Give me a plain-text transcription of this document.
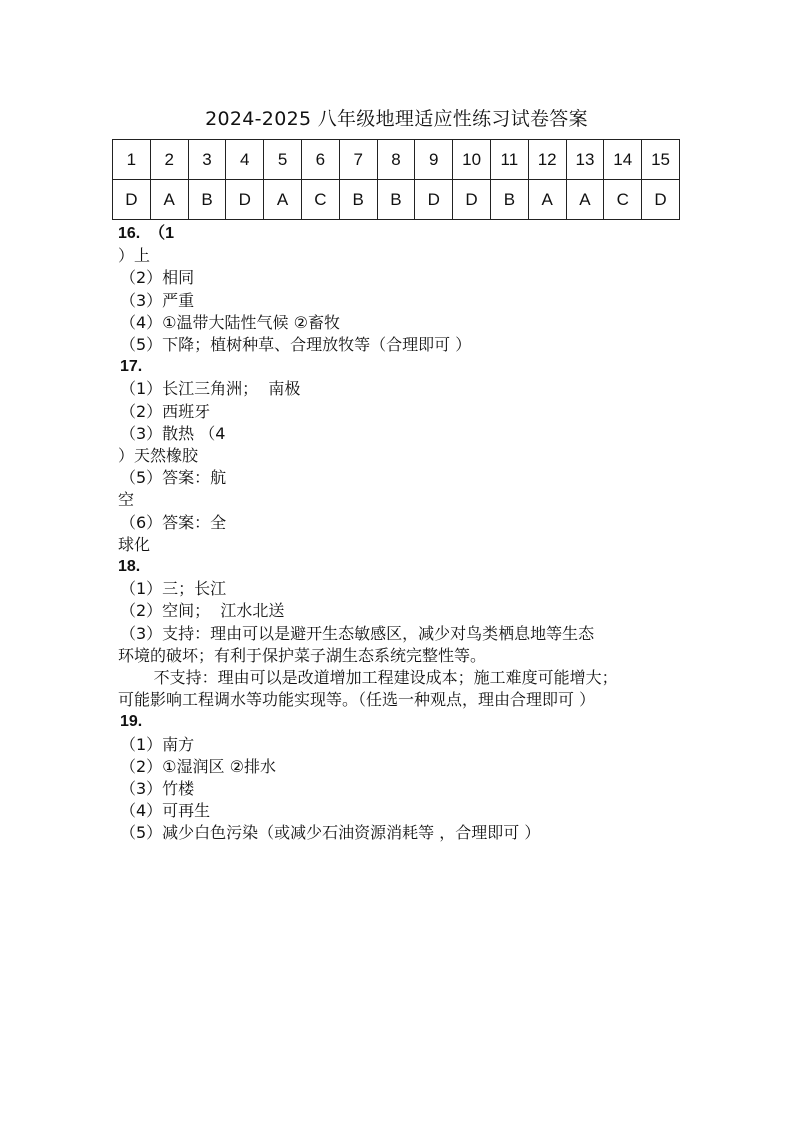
2024-2025 八年级地理适应性练习试卷答案
1	2	3	4	5	6	7	8	9	10	11	12	13	14	15
D	A	B	D	A	C	B	B	D	D	B	A	A	C	D
16.  （1
）上
（2）相同
（3）严重
（4）①温带大陆性气候 ②畜牧
（5）下降；植树种草、合理放牧等（合理即可 ）
17.
（1）长江三角洲；  南极
（2）西班牙
（3）散热 （4
）天然橡胶
（5）答案：航
空
（6）答案：全
球化
18.
（1）三；长江
（2）空间；  江水北送
（3）支持：理由可以是避开生态敏感区，减少对鸟类栖息地等生态
环境的破坏；有利于保护菜子湖生态系统完整性等。
不支持：理由可以是改道增加工程建设成本；施工难度可能增大；
可能影响工程调水等功能实现等。（任选一种观点，理由合理即可 ）
19.
（1）南方
（2）①湿润区 ②排水
（3）竹楼
（4）可再生
（5）减少白色污染（或减少石油资源消耗等 ，合理即可 ）
